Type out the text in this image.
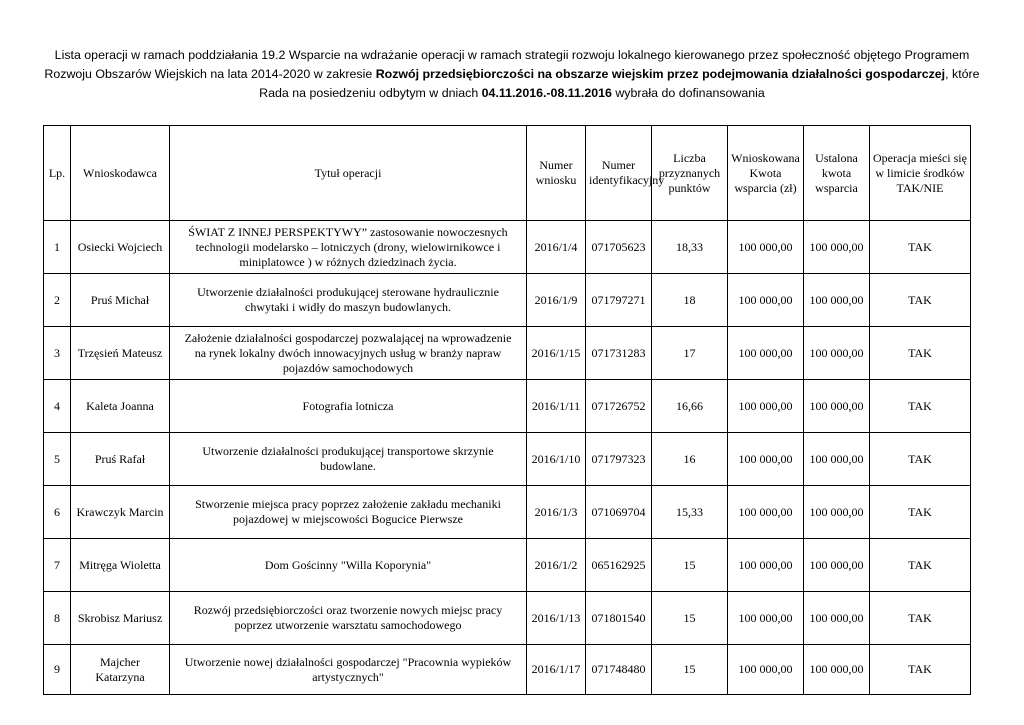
Lista operacji w ramach poddziałania 19.2 Wsparcie na wdrażanie operacji w ramach strategii rozwoju lokalnego kierowanego przez społeczność objętego Programem Rozwoju Obszarów Wiejskich na lata 2014-2020 w zakresie Rozwój przedsiębiorczości na obszarze wiejskim przez podejmowania działalności gospodarczej, które Rada na posiedzeniu odbytym w dniach 04.11.2016.-08.11.2016 wybrała do dofinansowania
Lp.	Wnioskodawca	Tytuł operacji	Numer wniosku	Numer identyfikacyjny	Liczba przyznanych punktów	Wnioskowana Kwota wsparcia (zł)	Ustalona kwota wsparcia	Operacja mieści się w limicie środków TAK/NIE
1	Osiecki Wojciech	ŚWIAT Z INNEJ PERSPEKTYWY” zastosowanie nowoczesnych technologii modelarsko – lotniczych (drony, wielowirnikowce i miniplatowce ) w różnych dziedzinach życia.	2016/1/4	071705623	18,33	100 000,00	100 000,00	TAK
2	Pruś Michał	Utworzenie działalności produkującej sterowane hydraulicznie chwytaki i widły do maszyn budowlanych.	2016/1/9	071797271	18	100 000,00	100 000,00	TAK
3	Trzęsień Mateusz	Założenie działalności gospodarczej pozwalającej na wprowadzenie na rynek lokalny dwóch innowacyjnych usług w branży napraw pojazdów samochodowych	2016/1/15	071731283	17	100 000,00	100 000,00	TAK
4	Kaleta Joanna	Fotografia lotnicza	2016/1/11	071726752	16,66	100 000,00	100 000,00	TAK
5	Pruś Rafał	Utworzenie działalności produkującej transportowe skrzynie budowlane.	2016/1/10	071797323	16	100 000,00	100 000,00	TAK
6	Krawczyk Marcin	Stworzenie miejsca pracy poprzez założenie zakładu mechaniki pojazdowej w miejscowości Bogucice Pierwsze	2016/1/3	071069704	15,33	100 000,00	100 000,00	TAK
7	Mitręga Wioletta	Dom Gościnny "Willa Koporynia"	2016/1/2	065162925	15	100 000,00	100 000,00	TAK
8	Skrobisz Mariusz	Rozwój przedsiębiorczości oraz tworzenie nowych miejsc pracy poprzez utworzenie warsztatu samochodowego	2016/1/13	071801540	15	100 000,00	100 000,00	TAK
9	Majcher Katarzyna	Utworzenie nowej działalności gospodarczej "Pracownia wypieków artystycznych"	2016/1/17	071748480	15	100 000,00	100 000,00	TAK
